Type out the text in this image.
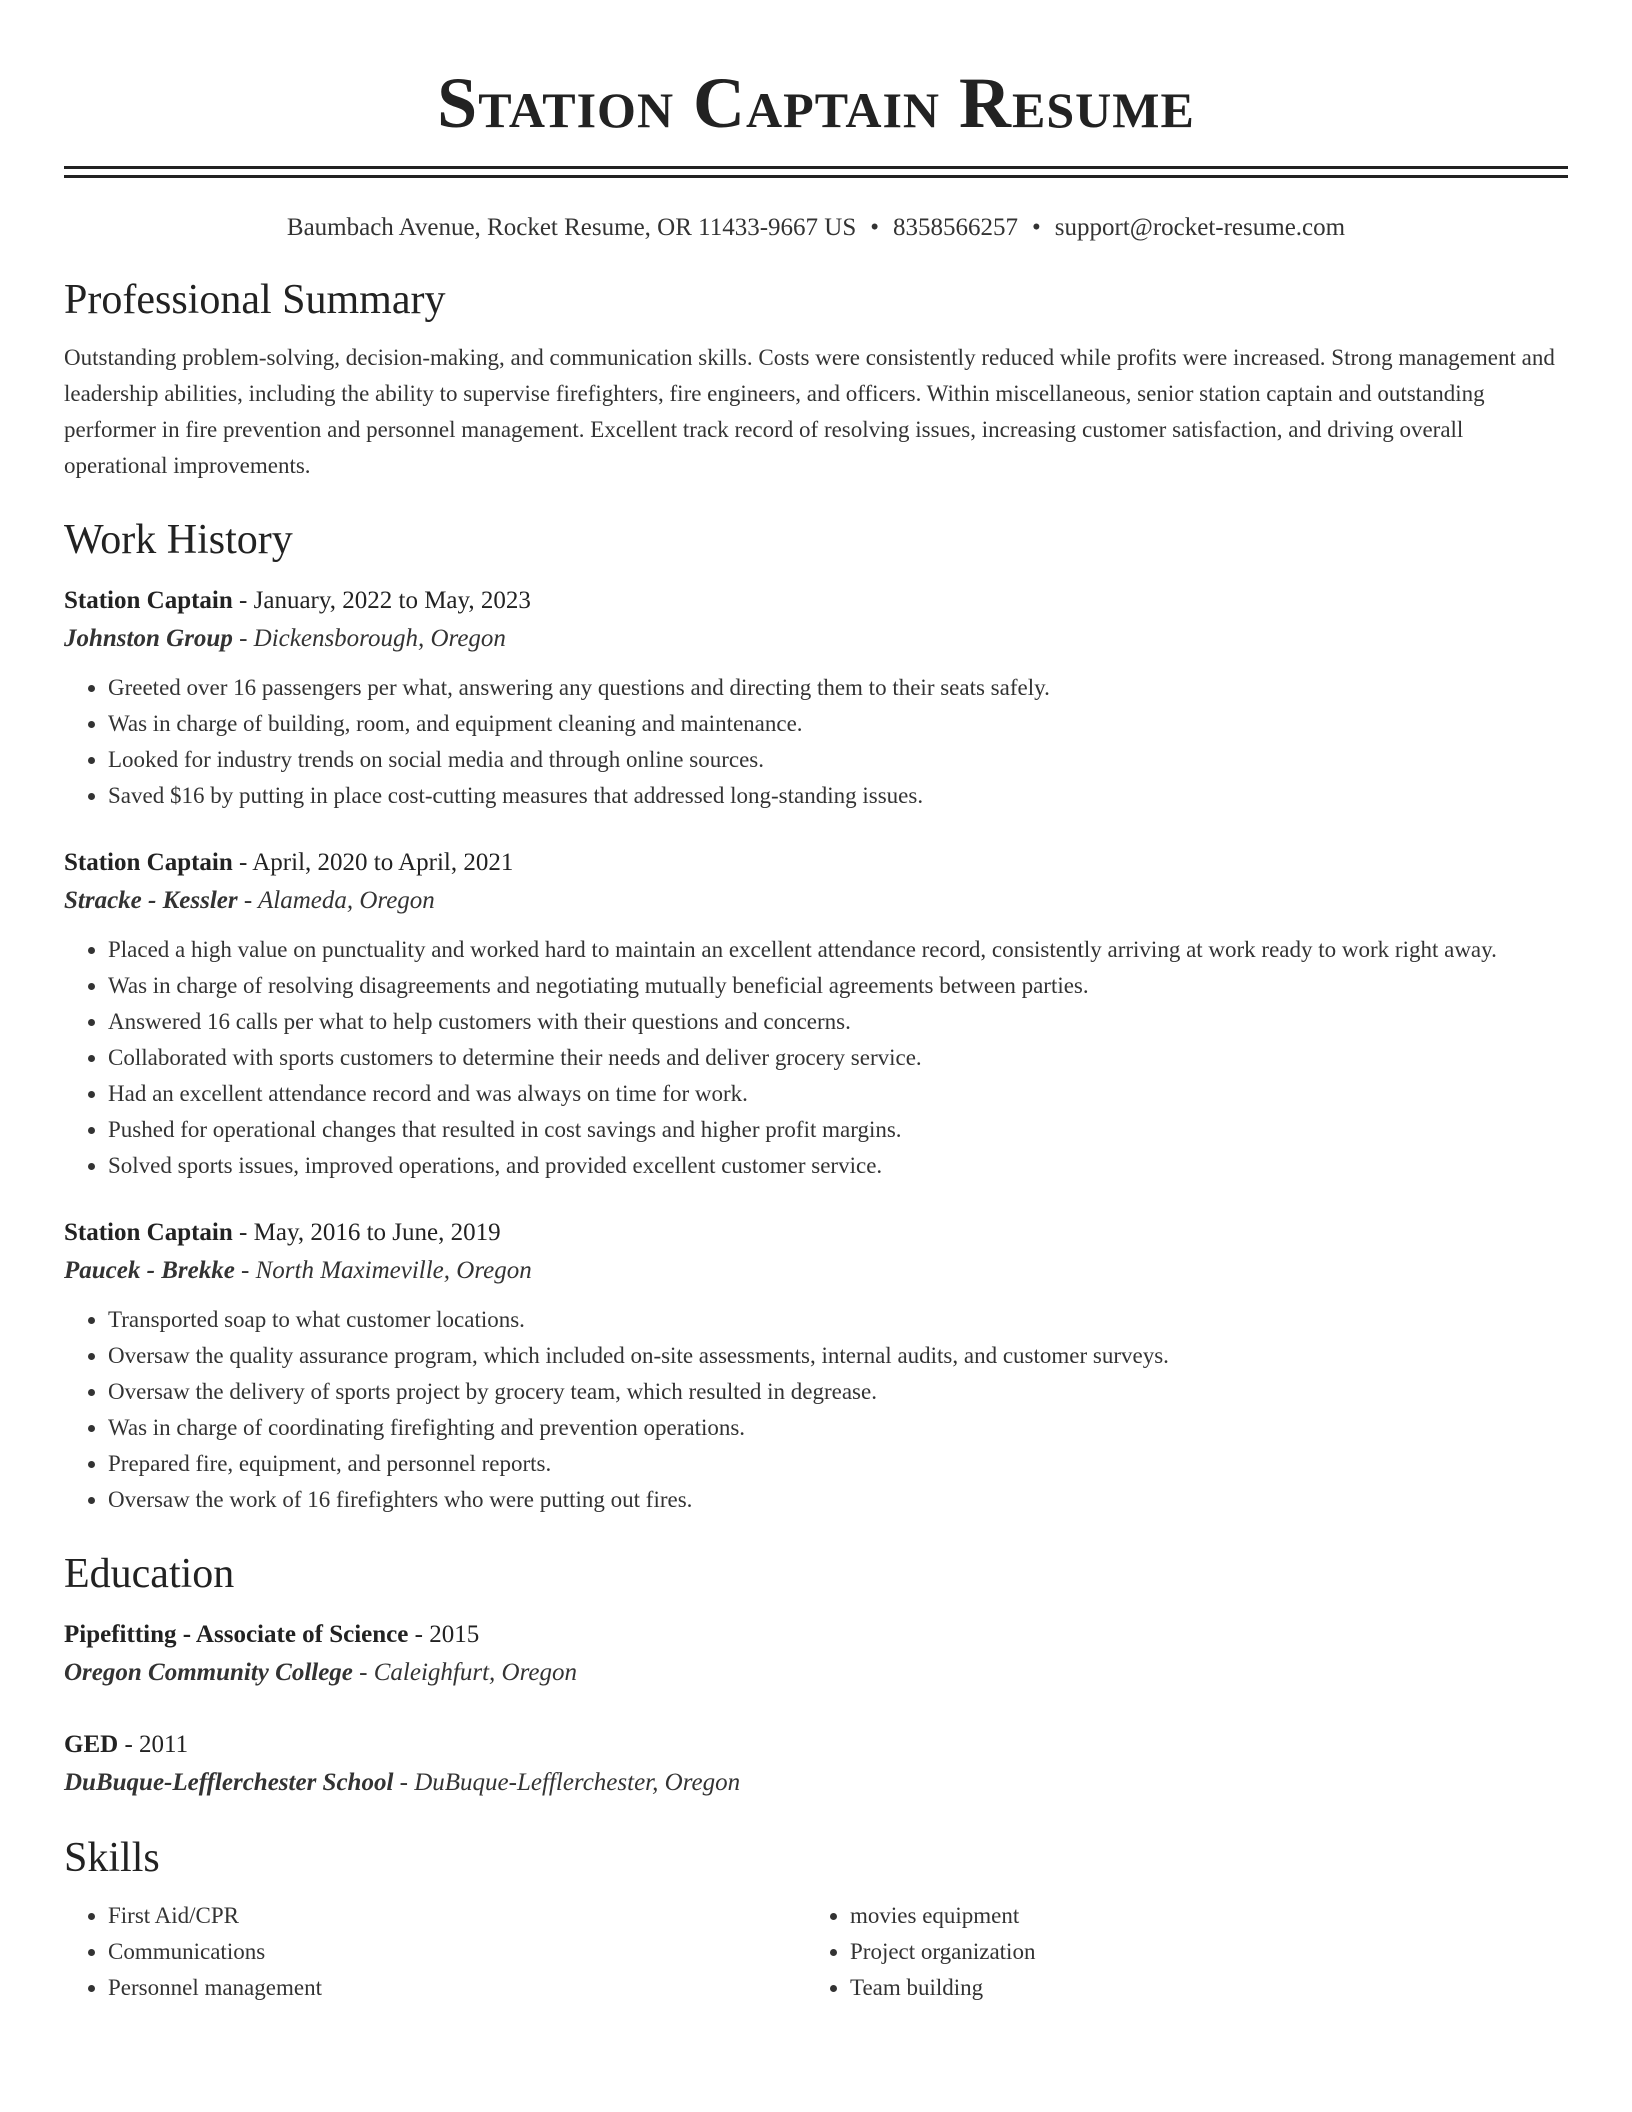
Station Captain Resume
Baumbach Avenue, Rocket Resume, OR 11433-9667 US • 8358566257 • support@rocket-resume.com
Professional Summary
Outstanding problem-solving, decision-making, and communication skills. Costs were consistently reduced while profits were increased. Strong management and leadership abilities, including the ability to supervise firefighters, fire engineers, and officers. Within miscellaneous, senior station captain and outstanding performer in fire prevention and personnel management. Excellent track record of resolving issues, increasing customer satisfaction, and driving overall operational improvements.
Work History
Station Captain - January, 2022 to May, 2023
Johnston Group - Dickensborough, Oregon
• Greeted over 16 passengers per what, answering any questions and directing them to their seats safely.
• Was in charge of building, room, and equipment cleaning and maintenance.
• Looked for industry trends on social media and through online sources.
• Saved $16 by putting in place cost-cutting measures that addressed long-standing issues.
Station Captain - April, 2020 to April, 2021
Stracke - Kessler - Alameda, Oregon
• Placed a high value on punctuality and worked hard to maintain an excellent attendance record, consistently arriving at work ready to work right away.
• Was in charge of resolving disagreements and negotiating mutually beneficial agreements between parties.
• Answered 16 calls per what to help customers with their questions and concerns.
• Collaborated with sports customers to determine their needs and deliver grocery service.
• Had an excellent attendance record and was always on time for work.
• Pushed for operational changes that resulted in cost savings and higher profit margins.
• Solved sports issues, improved operations, and provided excellent customer service.
Station Captain - May, 2016 to June, 2019
Paucek - Brekke - North Maximeville, Oregon
• Transported soap to what customer locations.
• Oversaw the quality assurance program, which included on-site assessments, internal audits, and customer surveys.
• Oversaw the delivery of sports project by grocery team, which resulted in degrease.
• Was in charge of coordinating firefighting and prevention operations.
• Prepared fire, equipment, and personnel reports.
• Oversaw the work of 16 firefighters who were putting out fires.
Education
Pipefitting - Associate of Science - 2015
Oregon Community College - Caleighfurt, Oregon
GED - 2011
DuBuque-Lefflerchester School - DuBuque-Lefflerchester, Oregon
Skills
• First Aid/CPR
• Communications
• Personnel management
• movies equipment
• Project organization
• Team building
